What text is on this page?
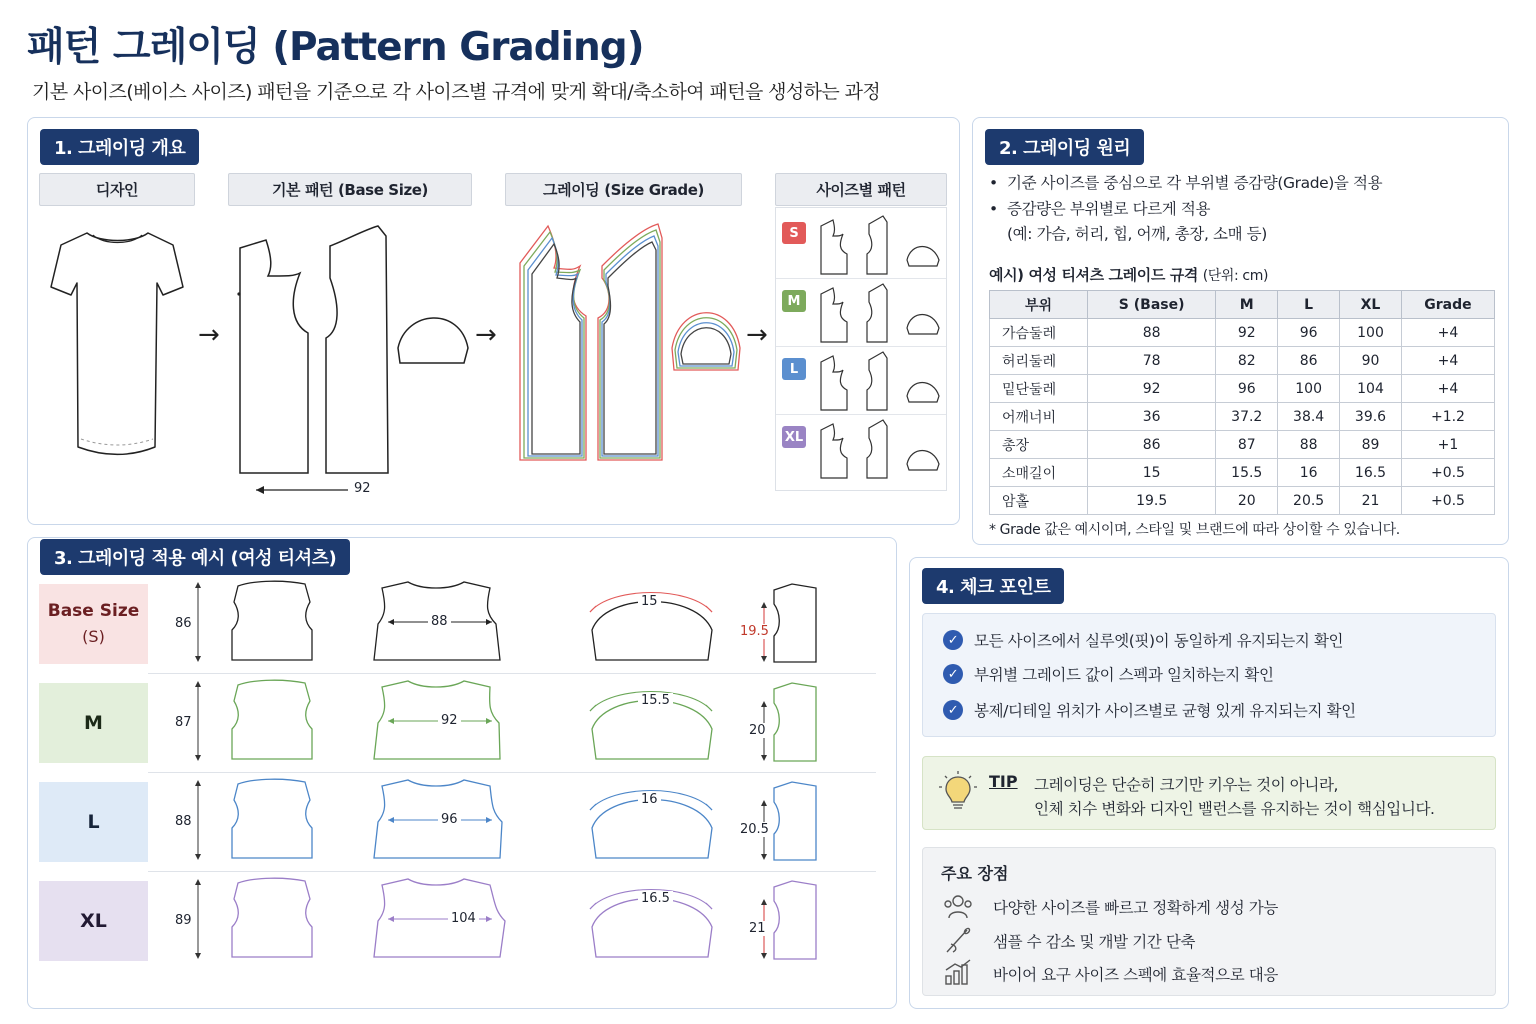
패턴 그레이딩 (Pattern Grading)
기본 사이즈(베이스 사이즈) 패턴을 기준으로 각 사이즈별 규격에 맞게 확대/축소하여 패턴을 생성하는 과정
1. 그레이딩 개요
디자인	기본 패턴 (Base Size)	그레이딩 (Size Grade)	사이즈별 패턴
→
92
→	→
S
M
L
XL
2. 그레이딩 원리
• 기준 사이즈를 중심으로 각 부위별 증감량(Grade)을 적용
• 증감량은 부위별로 다르게 적용
(예: 가슴, 허리, 힙, 어깨, 총장, 소매 등)
예시) 여성 티셔츠 그레이드 규격 (단위: cm)
부위	S (Base)	M	L	XL	Grade
가슴둘레	88	92	96	100	+4
허리둘레	78	82	86	90	+4
밑단둘레	92	96	100	104	+4
어깨너비	36	37.2	38.4	39.6	+1.2
총장	86	87	88	89	+1
소매길이	15	15.5	16	16.5	+0.5
암홀	19.5	20	20.5	21	+0.5
* Grade 값은 예시이며, 스타일 및 브랜드에 따라 상이할 수 있습니다.
3. 그레이딩 적용 예시 (여성 티셔츠)
Base Size
(S)
86	88
15
19.5
M	87	92
15.5
20
L	88	96
16
20.5
XL	89	104
16.5
21
4. 체크 포인트
✓	모든 사이즈에서 실루엣(핏)이 동일하게 유지되는지 확인
✓	부위별 그레이드 값이 스펙과 일치하는지 확인
✓	봉제/디테일 위치가 사이즈별로 균형 있게 유지되는지 확인
TIP 그레이딩은 단순히 크기만 키우는 것이 아니라,
인체 치수 변화와 디자인 밸런스를 유지하는 것이 핵심입니다.
주요 장점
다양한 사이즈를 빠르고 정확하게 생성 가능
샘플 수 감소 및 개발 기간 단축
바이어 요구 사이즈 스펙에 효율적으로 대응
